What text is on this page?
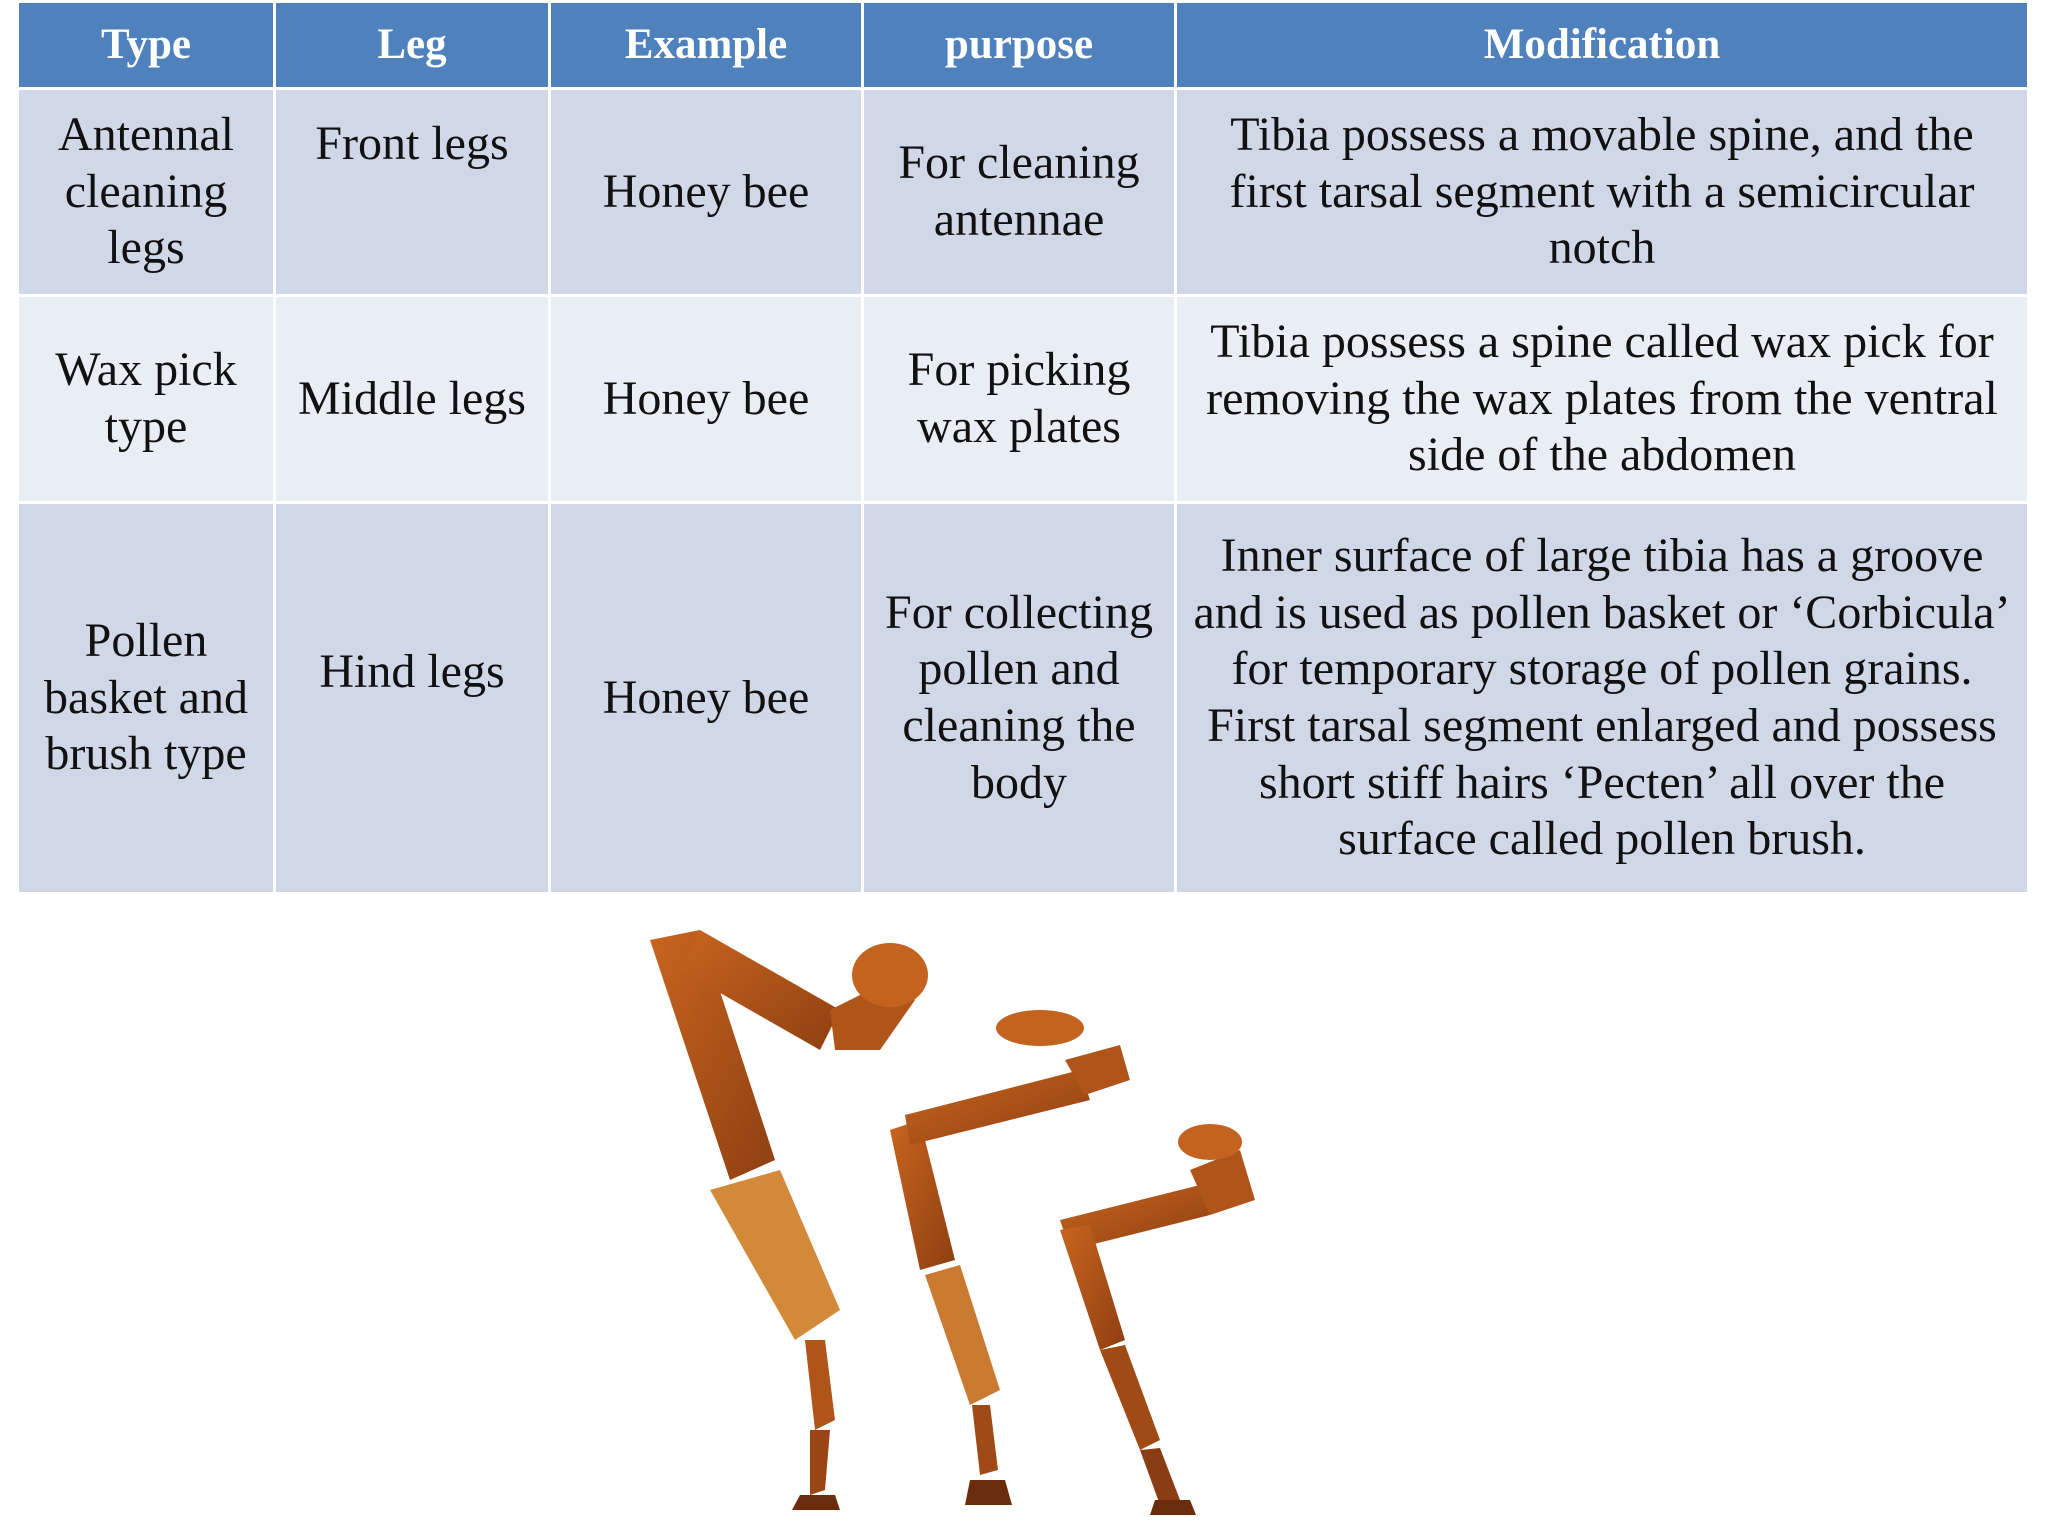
Type	Leg	Example	purpose	Modification
Antennal cleaning legs	Front legs	Honey bee	For cleaning antennae	Tibia possess a movable spine, and the first tarsal segment with a semicircular notch
Wax pick type	Middle legs	Honey bee	For picking wax plates	Tibia possess a spine called wax pick for removing the wax plates from the ventral side of the abdomen
Pollen basket and brush type	Hind legs	Honey bee	For collecting pollen and cleaning the body	Inner surface of large tibia has a groove and is used as pollen basket or ‘Corbicula’ for temporary storage of pollen grains. First tarsal segment enlarged and possess short stiff hairs ‘Pecten’ all over the surface called pollen brush.
